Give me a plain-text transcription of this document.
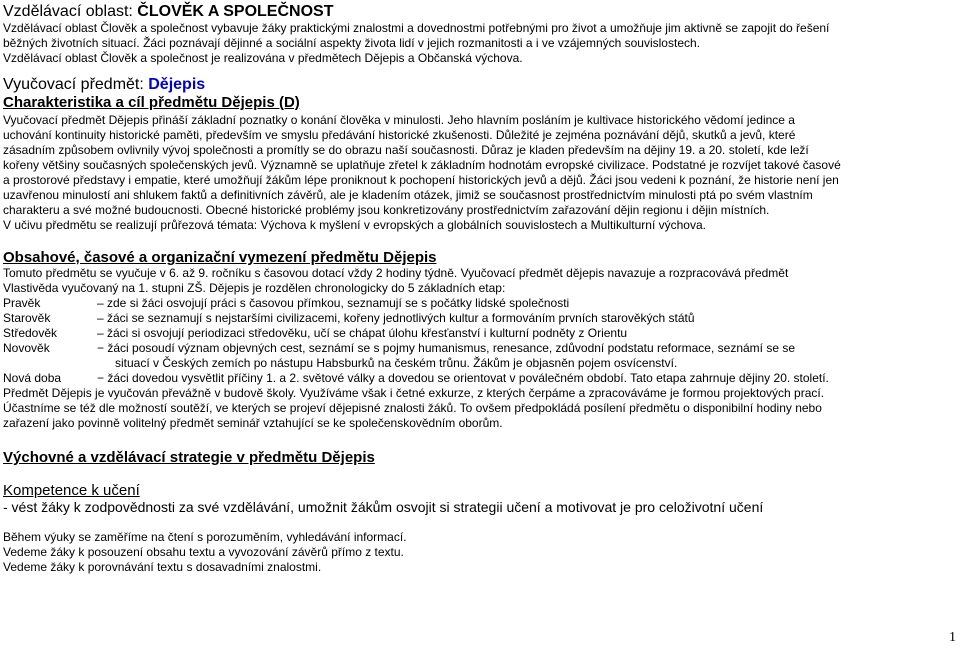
Vzdělávací oblast: ČLOVĚK A SPOLEČNOST

Vzdělávací oblast Člověk a společnost vybavuje žáky praktickými znalostmi a dovednostmi potřebnými pro život a umožňuje jim aktivně se zapojit do řešení

běžných životních situací. Žáci poznávají dějinné a sociální aspekty života lidí v jejich rozmanitosti a i ve vzájemných souvislostech.

Vzdělávací oblast Člověk a společnost je realizována v předmětech Dějepis a Občanská výchova.

Vyučovací předmět: Dějepis

Charakteristika a cíl předmětu Dějepis (D)

Vyučovací předmět Dějepis přináší základní poznatky o konání člověka v minulosti. Jeho hlavním posláním je kultivace historického vědomí jedince a

uchování kontinuity historické paměti, především ve smyslu předávání historické zkušenosti. Důležité je zejména poznávání dějů, skutků a jevů, které

zásadním způsobem ovlivnily vývoj společnosti a promítly se do obrazu naší současnosti. Důraz je kladen především na dějiny 19. a 20. století, kde leží

kořeny většiny současných společenských jevů. Významně se uplatňuje zřetel k základním hodnotám evropské civilizace. Podstatné je rozvíjet takové časové

a prostorové představy i empatie, které umožňují žákům lépe proniknout k pochopení historických jevů a dějů. Žáci jsou vedeni k poznání, že historie není jen

uzavřenou minulostí ani shlukem faktů a definitivních závěrů, ale je kladením otázek, jimiž se současnost prostřednictvím minulosti ptá po svém vlastním

charakteru a své možné budoucnosti. Obecné historické problémy jsou konkretizovány prostřednictvím zařazování dějin regionu i dějin místních.

V učivu předmětu se realizují průřezová témata: Výchova k myšlení v evropských a globálních souvislostech a Multikulturní výchova.

Obsahové, časové a organizační vymezení předmětu Dějepis

Tomuto předmětu se vyučuje v 6. až 9. ročníku s časovou dotací vždy 2 hodiny týdně. Vyučovací předmět dějepis navazuje a rozpracovává předmět

Vlastivěda vyučovaný na 1. stupni ZŠ. Dějepis je rozdělen chronologicky do 5 základních etap:

Pravěk	– zde si žáci osvojují práci s časovou přímkou, seznamují se s počátky lidské společnosti
Starověk	– žáci se seznamují s nejstaršími civilizacemi, kořeny jednotlivých kultur a formováním prvních starověkých států
Středověk	– žáci si osvojují periodizaci středověku, učí se chápat úlohu křesťanství i kulturní podněty z Orientu
Novověk	− žáci posoudí význam objevných cest, seznámí se s pojmy humanismus, renesance, zdůvodní podstatu reformace, seznámí se se
situací v Českých zemích po nástupu Habsburků na českém trůnu. Žákům je objasněn pojem osvícenství.
Nová doba	− žáci dovedou vysvětlit příčiny 1. a 2. světové války a dovedou se orientovat v poválečném období. Tato etapa zahrnuje dějiny 20. století.

Předmět Dějepis je vyučován převážně v budově školy. Využíváme však i četné exkurze, z kterých čerpáme a zpracováváme je formou projektových prací.

Účastníme se též dle možností soutěží, ve kterých se projeví dějepisné znalosti žáků. To ovšem předpokládá posílení předmětu o disponibilní hodiny nebo

zařazení jako povinně volitelný předmět seminář vztahující se ke společenskovědním oborům.

Výchovné a vzdělávací strategie v předmětu Dějepis

Kompetence k učení

- vést žáky k zodpovědnosti za své vzdělávání, umožnit žákům osvojit si strategii učení a motivovat je pro celoživotní učení

Během výuky se zaměříme na čtení s porozuměním, vyhledávání informací.

Vedeme žáky k posouzení obsahu textu a vyvozování závěrů přímo z textu.

Vedeme žáky k porovnávání textu s dosavadními znalostmi.

1
